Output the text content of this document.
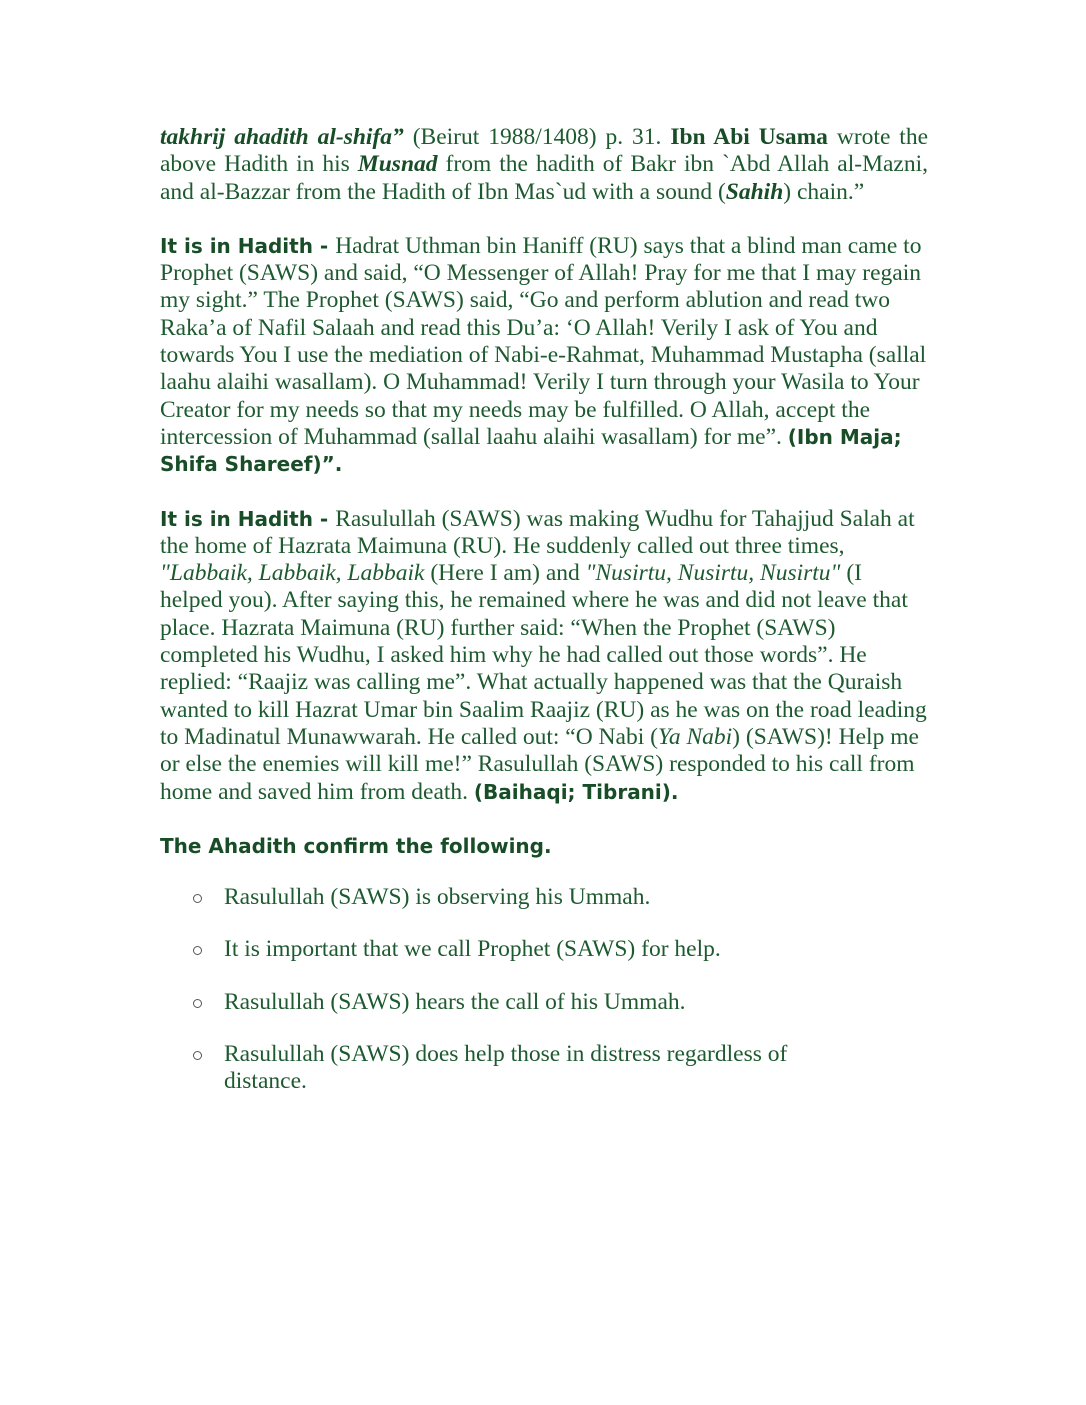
takhrij ahadith al-shifa” (Beirut 1988/1408) p. 31. Ibn Abi Usama wrote the above Hadith in his Musnad from the hadith of Bakr ibn `Abd Allah al-Mazni, and al-Bazzar from the Hadith of Ibn Mas`ud with a sound (Sahih) chain.”

It is in Hadith - Hadrat Uthman bin Haniff (RU) says that a blind man came to Prophet (SAWS) and said, “O Messenger of Allah! Pray for me that I may regain my sight.” The Prophet (SAWS) said, “Go and perform ablution and read two Raka’a of Nafil Salaah and read this Du’a: ‘O Allah! Verily I ask of You and towards You I use the mediation of Nabi-e-Rahmat, Muhammad Mustapha (sallal laahu alaihi wasallam). O Muhammad! Verily I turn through your Wasila to Your Creator for my needs so that my needs may be fulfilled. O Allah, accept the intercession of Muhammad (sallal laahu alaihi wasallam) for me”. (Ibn Maja; Shifa Shareef)”.

It is in Hadith - Rasulullah (SAWS) was making Wudhu for Tahajjud Salah at the home of Hazrata Maimuna (RU). He suddenly called out three times, "Labbaik, Labbaik, Labbaik (Here I am) and "Nusirtu, Nusirtu, Nusirtu" (I helped you). After saying this, he remained where he was and did not leave that place. Hazrata Maimuna (RU) further said: “When the Prophet (SAWS) completed his Wudhu, I asked him why he had called out those words”. He replied: “Raajiz was calling me”. What actually happened was that the Quraish wanted to kill Hazrat Umar bin Saalim Raajiz (RU) as he was on the road leading to Madinatul Munawwarah. He called out: “O Nabi (Ya Nabi) (SAWS)! Help me or else the enemies will kill me!” Rasulullah (SAWS) responded to his call from home and saved him from death. (Baihaqi; Tibrani).

The Ahadith confirm the following.

Rasulullah (SAWS) is observing his Ummah.
It is important that we call Prophet (SAWS) for help.
Rasulullah (SAWS) hears the call of his Ummah.
Rasulullah (SAWS) does help those in distress regardless of distance.
